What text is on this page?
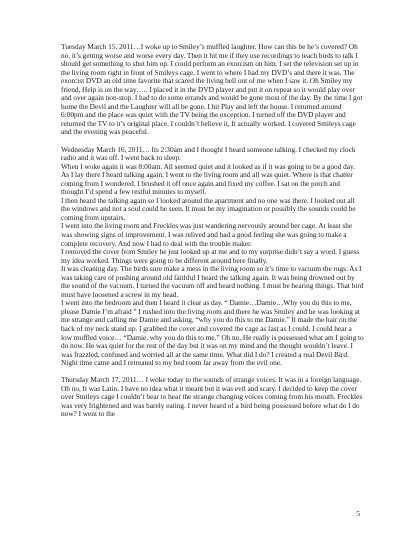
Tuesday March 15, 2011…I woke up to Smiley’s muffled laughter. How can this be he’s covered? Oh no, it’s getting worse and worse every day. Then it hit me if they use recordings to teach birds to talk I should get something to shut him up. I could perform an exorcism on him. I set the television set up in the living room right in front of Smileys cage. I went to where I had my DVD’s and there it was. The exorcist DVD an old time favorite that scared the living hell out of me when I saw it. Oh Smiley my friend, Help is on the way….. I placed it in the DVD player and put it on repeat so it would play over and over again non-stop. I had to do some errands and would be gone most of the day. By the time I got home the Devil and the Laughter will all be gone. I hit Play and left the house. I returned around 6:00pm and the place was quiet with the TV being the exception. I turned off the DVD player and returned the TV to it’s original place. I couldn’t believe it, It actually worked. I covered Smileys cage and the evening was peaceful.

Wednesday March 16, 2011… Its 2:30am and I thought I heard someone talking. I checked my clock radio and it was off. I went back to sleep.
When I woke again it was 8:00am. All seemed quiet and it looked as if it was going to be a good day. As I lay there I heard talking again. I went to the living room and all was quiet. Where is that chatter coming from I wondered. I brushed it off once again and fixed my coffee. I sat on the porch and thought I’d spend a few restful minutes to myself.
I then heard the talking again so I looked around the apartment and no one was there. I looked out all the windows and not a soul could be seen. It must be my imagination or possibly the sounds could be coming from upstairs.
I went into the living room and Freckles was just wandering nervously around her cage. At least she was showing signs of improvement. I was relived and had a good feeling she was going to make a complete recovery. And now I had to deal with the trouble maker.
I removed the cover from Smiley he just looked up at me and to my surprise didn’t say a word. I guess my idea worked. Things were going to be different around here finally.
It was cleaning day. The birds sure make a mess in the living room so it’s time to vacuum the rugs. As I was taking care of pushing around old faithful I heard the talking again. It was being drowned out by the sound of the vacuum. I turned the vacuum off and heard nothing. I must be hearing things. That bird must have loosened a screw in my head.
I went into the bedroom and then I heard it clear as day. “ Damie…Damie…Why you do this to me, please Damie I’m afraid ” I rushed into the living room and there he was Smiley and he was looking at me strange and calling me Damie and asking, “why you do this to me Damie.” It made the hair on the back of my neck stand up. I grabbed the cover and covered the cage as fast as I could. I could hear a low muffled voice… “Damie, why you do this to me.” Oh no, He really is possessed what am I going to do now. He was quiet for the rest of the day but it was on my mind and the thought wouldn’t leave. I was frazzled, confused and worried all at the same time. What did I do? I created a real Devil Bird. Night time came and I retreated to my bed room far away from the evil one.

Thursday March 17, 2011… I woke today to the sounds of strange voices. It was in a foreign language. Oh no, It was Latin. I have no idea what it meant but it was evil and scary. I decided to keep the cover over Smileys cage I couldn’t bear to hear the strange changing voices coming from his mouth. Freckles was very frightened and was barely eating. I never heard of a bird being possessed before what do I do now? I went to the

5
